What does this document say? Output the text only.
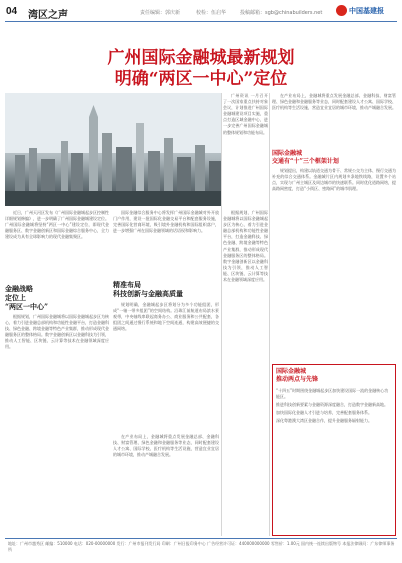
04 湾区之声	责任编辑：郭庆新	校检：伍启华	投稿邮箱：sgb@chinabuilders.net	中国基建报
广州国际金融城最新规划
明确“两区一中心”定位
广州资讯 一月召开了一次国家重点扶持对象会议，计划推进广州国际金融城建设项目实施，重点打造区域金融中心，进一步完善广州国际金融城的整体规划和功能布局。
近日，广州天河区发布《广州国际金融城起步区控制性详细规划修编》，进一步明确了广州国际金融城建设定位。广州国际金融城将坚持“两区一中心”建设定位，即现代金融服务区、数字金融创新区和国际金融综合服务中心，全力建设成为具有全球影响力的现代金融集聚区。
金融战略
定位上
“两区一中心”
根据规划，广州国际金融城将以国际金融城起步区为核心，着力引进金融总部机构和功能性金融平台，打造金融科技、绿色金融、跨境金融等特色产业集群，推动形成现代金融服务区的整体格局。数字金融创新区以金融科技为引领，推动人工智能、区块链、云计算等技术在金融领域深度应用。
国际金融综合服务中心将发挥广州国际金融城对外开放门户作用，建设一批国际化金融交易平台和配套服务设施，完善国际化营商环境，吸引境外金融机构和国际组织落户，进一步增强广州在国际金融领域的话语权和影响力。
精准布局
科技创新与金融高质量
规划明确，金融城起步区将划分为多个功能组团，形成“一轴一带多组团”的空间结构。沿珠江前航道布局滨水景观带，中央轴线串联起商务办公、商业服务和公共配套，各组团之间通过慢行系统和地下空间连通，构建高效便捷的交通网络。
在产业布局上，金融城将重点发展金融总部、金融科技、财富管理、绿色金融和金融服务等业态，同时配套建设人才公寓、国际学校、医疗机构等生活设施，营造宜业宜居的城市环境，推动产城融合发展。
根据规划，广州国际金融城将以国际金融城起步区为核心，着力引进金融总部机构和功能性金融平台，打造金融科技、绿色金融、跨境金融等特色产业集群，推动形成现代金融服务区的整体格局。数字金融创新区以金融科技为引领，推动人工智能、区块链、云计算等技术在金融领域深度应用。
在产业布局上，金融城将重点发展金融总部、金融科技、财富管理、绿色金融和金融服务等业态，同时配套建设人才公寓、国际学校、医疗机构等生活设施，营造宜业宜居的城市环境，推动产城融合发展。
国际金融城
交通有“十”三个框架计划
规划提出，构建以轨道交通为骨干、常规公交为主体、慢行交通为补充的综合交通体系。金融城片区内规划多条地铁线路，设置多个站点，实现与广州主城区及周边城市的快速联系。同时优化道路网络，提高路网密度，打造“小街区、密路网”的城市肌理。
国际金融城
推动两点与先锋
“十四五”时期围绕金融城起步区加快建设国际一流的金融核心功能区。
推进科技创新要素与金融资源深度融合，打造数字金融新高地。
加快国际化金融人才引进与培养，完善配套服务体系。
深化粤港澳大湾区金融合作，提升金融服务辐射能力。
地址：广州市越秀区 邮编：510000 电话：020-00000000 发行：广州市报刊发行局 印刷：广州日报印务中心 广告经营许可证：440000000000 零售价：1.00元 国内统一连续出版物号 本报法律顾问：广东律师事务所
